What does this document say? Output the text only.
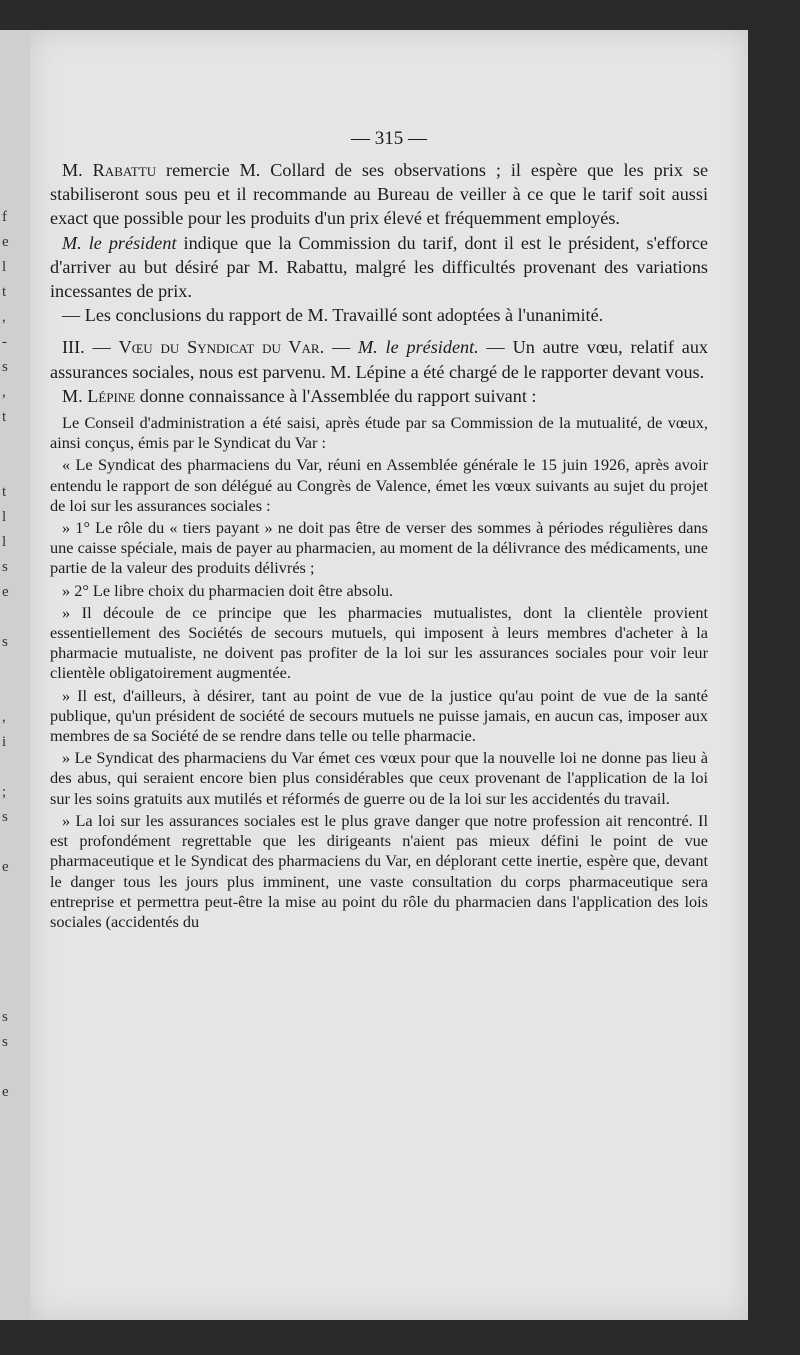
f
e
l
t
,
-
s
,
t
t
l
l
s
e
s
,
i
;
s
e
s
s
e
— 315 —

M. Rabattu remercie M. Collard de ses observations ; il espère que les prix se stabiliseront sous peu et il recommande au Bureau de veiller à ce que le tarif soit aussi exact que possible pour les produits d'un prix élevé et fréquemment employés.

M. le président indique que la Commission du tarif, dont il est le président, s'efforce d'arriver au but désiré par M. Rabattu, malgré les difficultés provenant des variations incessantes de prix.

— Les conclusions du rapport de M. Travaillé sont adoptées à l'unanimité.

III. — Vœu du Syndicat du Var. — M. le président. — Un autre vœu, relatif aux assurances sociales, nous est parvenu. M. Lépine a été chargé de le rapporter devant vous.

M. Lépine donne connaissance à l'Assemblée du rapport suivant :

Le Conseil d'administration a été saisi, après étude par sa Commission de la mutualité, de vœux, ainsi conçus, émis par le Syndicat du Var :

« Le Syndicat des pharmaciens du Var, réuni en Assemblée générale le 15 juin 1926, après avoir entendu le rapport de son délégué au Congrès de Valence, émet les vœux suivants au sujet du projet de loi sur les assurances sociales :

» 1° Le rôle du « tiers payant » ne doit pas être de verser des sommes à périodes régulières dans une caisse spéciale, mais de payer au pharmacien, au moment de la délivrance des médicaments, une partie de la valeur des produits délivrés ;

» 2° Le libre choix du pharmacien doit être absolu.

» Il découle de ce principe que les pharmacies mutualistes, dont la clientèle provient essentiellement des Sociétés de secours mutuels, qui imposent à leurs membres d'acheter à la pharmacie mutualiste, ne doivent pas profiter de la loi sur les assurances sociales pour voir leur clientèle obligatoirement augmentée.

» Il est, d'ailleurs, à désirer, tant au point de vue de la justice qu'au point de vue de la santé publique, qu'un président de société de secours mutuels ne puisse jamais, en aucun cas, imposer aux membres de sa Société de se rendre dans telle ou telle pharmacie.

» Le Syndicat des pharmaciens du Var émet ces vœux pour que la nouvelle loi ne donne pas lieu à des abus, qui seraient encore bien plus considérables que ceux provenant de l'application de la loi sur les soins gratuits aux mutilés et réformés de guerre ou de la loi sur les accidentés du travail.

» La loi sur les assurances sociales est le plus grave danger que notre profession ait rencontré. Il est profondément regrettable que les dirigeants n'aient pas mieux défini le point de vue pharmaceutique et le Syndicat des pharmaciens du Var, en déplorant cette inertie, espère que, devant le danger tous les jours plus imminent, une vaste consultation du corps pharmaceutique sera entreprise et permettra peut-être la mise au point du rôle du pharmacien dans l'application des lois sociales (accidentés du
